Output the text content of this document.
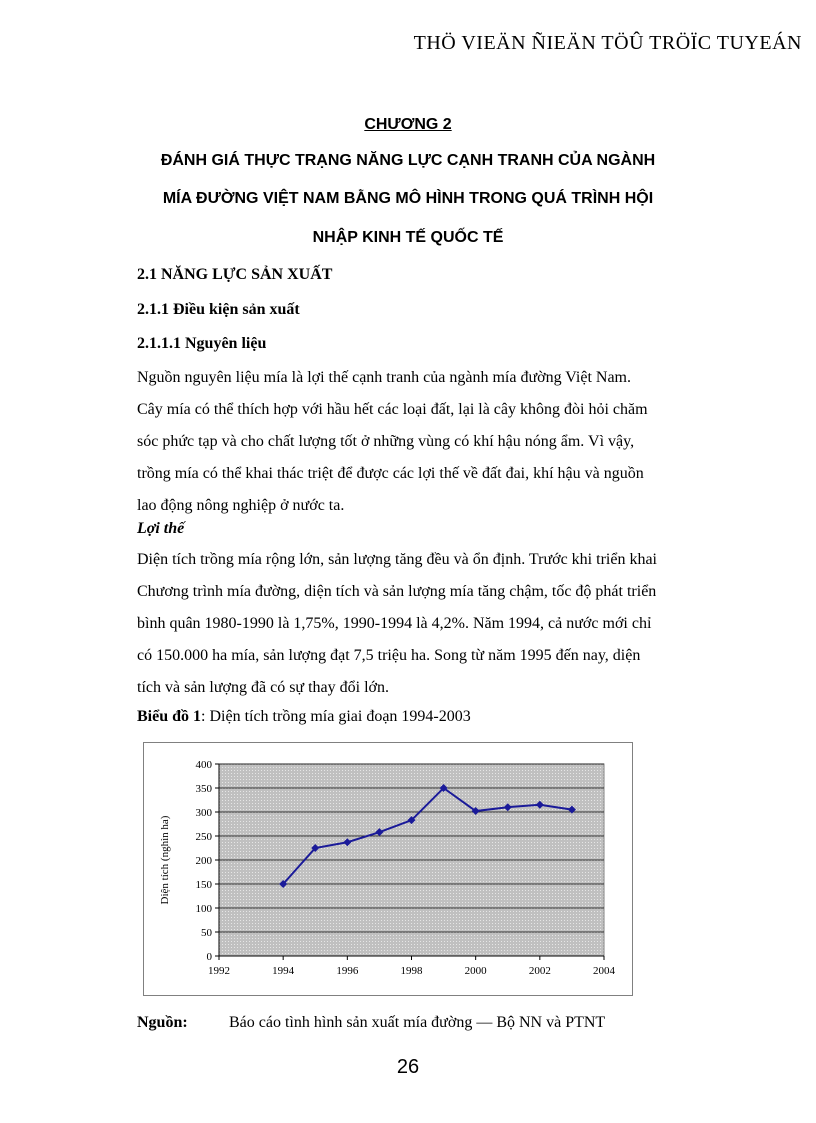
THÖ VIEÄN ÑIEÄN TÖÛ TRÖÏC TUYEÁN
CHƯƠNG 2
ĐÁNH GIÁ THỰC TRẠNG NĂNG LỰC CẠNH TRANH CỦA NGÀNH
MÍA ĐƯỜNG VIỆT NAM BẰNG MÔ HÌNH TRONG QUÁ TRÌNH HỘI
NHẬP KINH TẾ QUỐC TẾ
2.1 NĂNG LỰC SẢN XUẤT
2.1.1 Điều kiện sản xuất
2.1.1.1 Nguyên liệu
Nguồn nguyên liệu mía là lợi thế cạnh tranh của ngành mía đường Việt Nam.
Cây mía có thể thích hợp với hầu hết các loại đất, lại là cây không đòi hỏi chăm
sóc phức tạp và cho chất lượng tốt ở những vùng có khí hậu nóng ẩm. Vì vậy,
trồng mía có thể khai thác triệt để được các lợi thế về đất đai, khí hậu và nguồn
lao động nông nghiệp ở nước ta.
Lợi thế
Diện tích trồng mía rộng lớn, sản lượng tăng đều và ổn định. Trước khi triển khai
Chương trình mía đường, diện tích và sản lượng mía tăng chậm, tốc độ phát triển
bình quân 1980-1990 là 1,75%, 1990-1994 là 4,2%. Năm 1994, cả nước mới chỉ
có 150.000 ha mía, sản lượng đạt 7,5 triệu ha. Song từ năm 1995 đến nay, diện
tích và sản lượng đã có sự thay đổi lớn.
Biểu đồ 1: Diện tích trồng mía giai đoạn 1994-2003
0
50
100
150
200
250
300
350
400
1992	1994	1996	1998	2000	2002	2004
Diện tích (nghìn ha)
Nguồn:	Báo cáo tình hình sản xuất mía đường — Bộ NN và PTNT
26
